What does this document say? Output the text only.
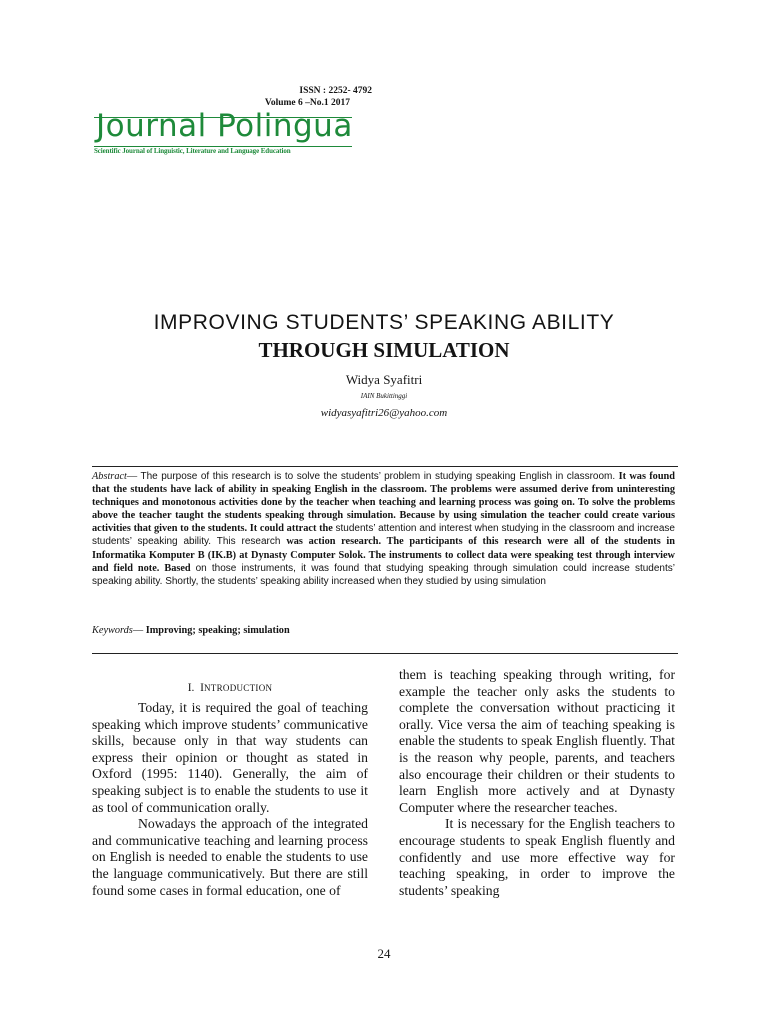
ISSN : 2252- 4792
Volume 6 –No.1 2017
Journal Polingua
Scientific Journal of Linguistic, Literature and Language Education
IMPROVING STUDENTS’ SPEAKING ABILITY
THROUGH SIMULATION
Widya Syafitri
IAIN Bukittinggi
widyasyafitri26@yahoo.com
Abstract— The purpose of this research is to solve the students’ problem in studying speaking English in classroom. It was found that the students have lack of ability in speaking English in the classroom. The problems were assumed derive from uninteresting techniques and monotonous activities done by the teacher when teaching and learning process was going on. To solve the problems above the teacher taught the students speaking through simulation. Because by using simulation the teacher could create various activities that given to the students. It could attract the students’ attention and interest when studying in the classroom and increase students’ speaking ability. This research was action research. The participants of this research were all of the students in Informatika Komputer B (IK.B) at Dynasty Computer Solok. The instruments to collect data were speaking test through interview and field note. Based on those instruments, it was found that studying speaking through simulation could increase students’ speaking ability. Shortly, the students’ speaking ability increased when they studied by using simulation
Keywords— Improving; speaking; simulation
I. INTRODUCTION

Today, it is required the goal of teaching speaking which improve students’ communicative skills, because only in that way students can express their opinion or thought as stated in Oxford (1995: 1140). Generally, the aim of speaking subject is to enable the students to use it as tool of communication orally.

Nowadays the approach of the integrated and communicative teaching and learning process on English is needed to enable the students to use the language communicatively. But there are still found some cases in formal education, one of

them is teaching speaking through writing, for example the teacher only asks the students to complete the conversation without practicing it orally. Vice versa the aim of teaching speaking is enable the students to speak English fluently. That is the reason why people, parents, and teachers also encourage their children or their students to learn English more actively and at Dynasty Computer where the researcher teaches.

It is necessary for the English teachers to encourage students to speak English fluently and confidently and use more effective way for teaching speaking, in order to improve the students’ speaking

24
